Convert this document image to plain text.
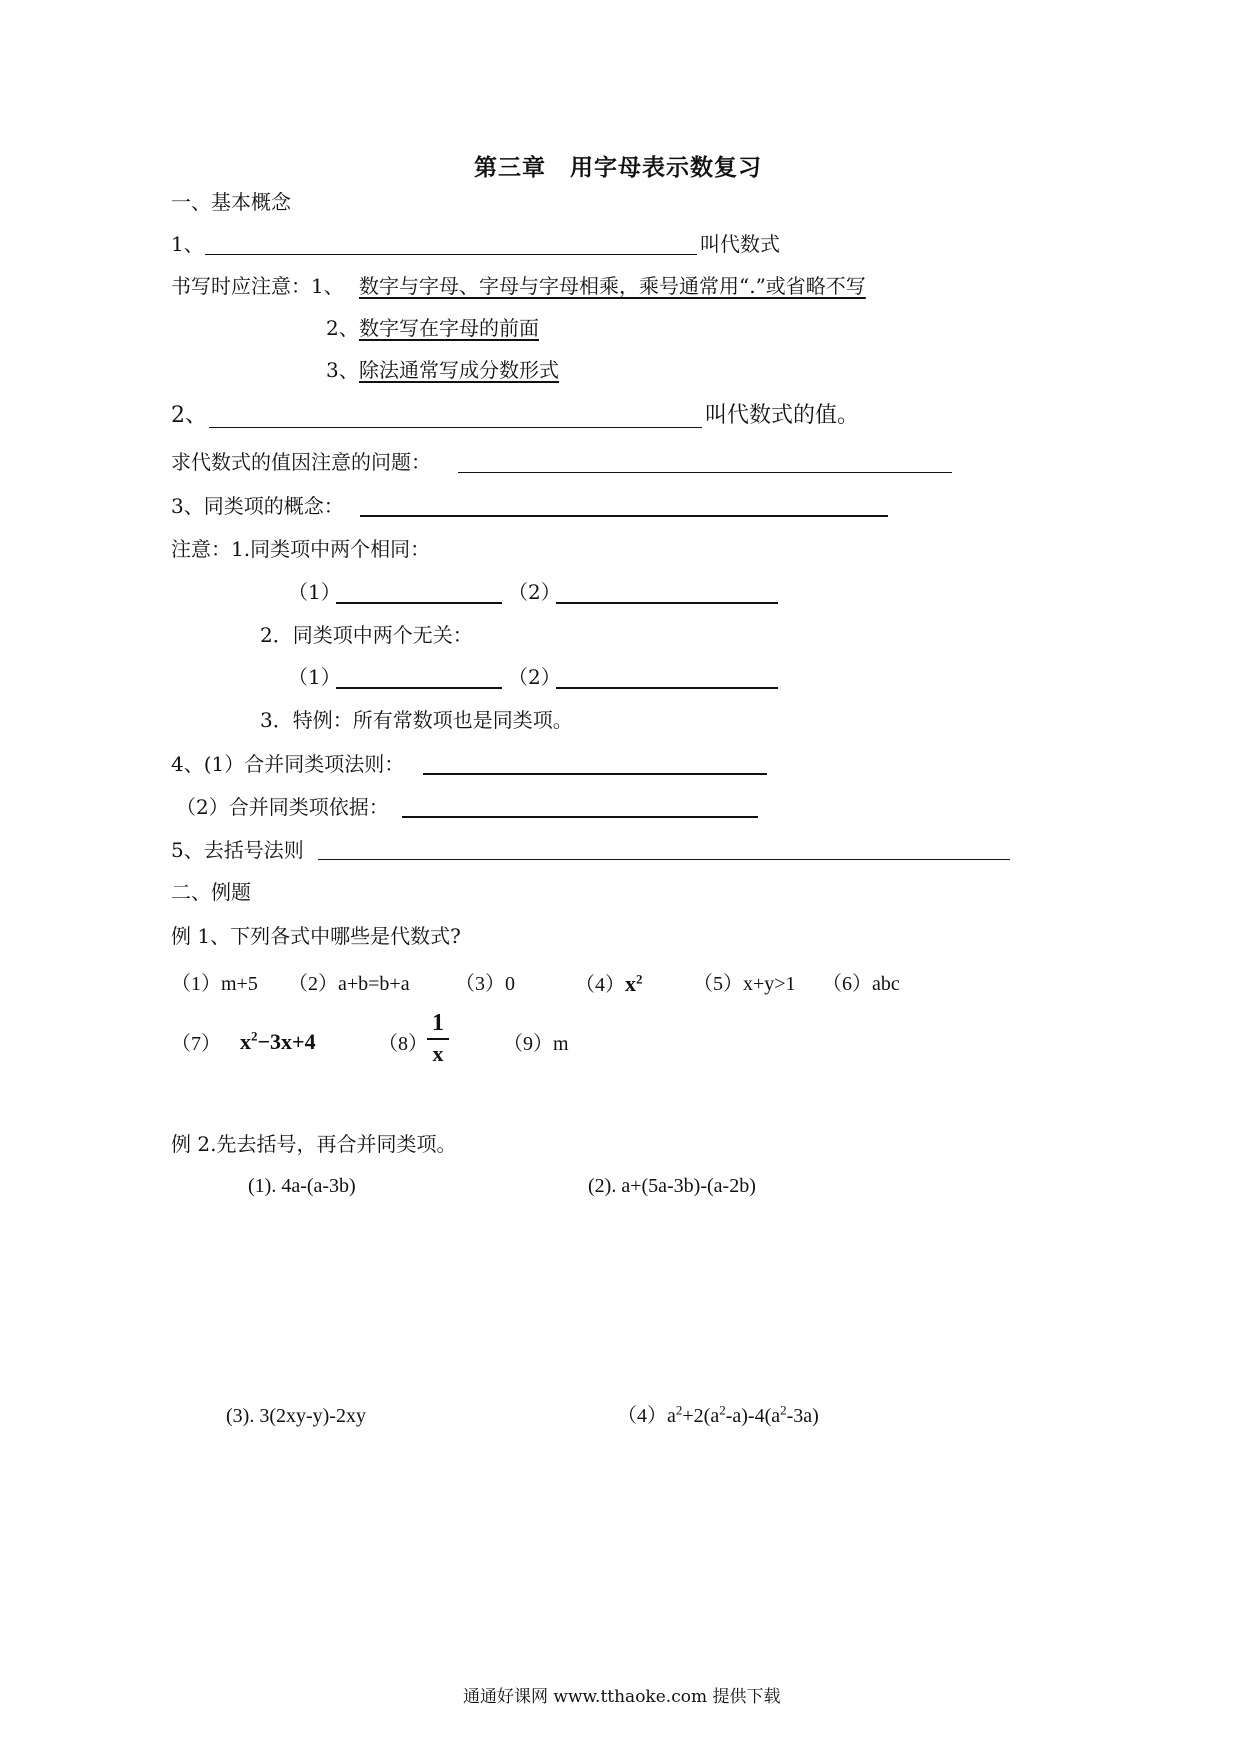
第三章　用字母表示数复习
一、基本概念
1、	叫代数式
书写时应注意：1、 数字与字母、字母与字母相乘，乘号通常用“.”或省略不写
2、 数字写在字母的前面
3、 除法通常写成分数形式
2、	叫代数式的值。
求代数式的值因注意的问题：
3、同类项的概念：
注意：1.同类项中两个相同：
（1）	（2）
2．同类项中两个无关：
（1）	（2）
3．特例：所有常数项也是同类项。
4、(1）合并同类项法则：
（2）合并同类项依据：
5、去括号法则
二、例题
例 1、下列各式中哪些是代数式?
（1）m+5 （2）a+b=b+a （3）0	$(4)x^2$	（5）x+y>1 （6）abc
（7） $x^2-3x+4$	（8）
1
x	（9）m
例 2.先去括号，再合并同类项。
(1). 4a-(a-3b)	(2). a+(5a-3b)-(a-2b)
(3). 3(2xy-y)-2xy	$(4)a^2+2(a^2-a)-4(a^2-3a)$
通通好课网 www.tthaoke.com 提供下载
